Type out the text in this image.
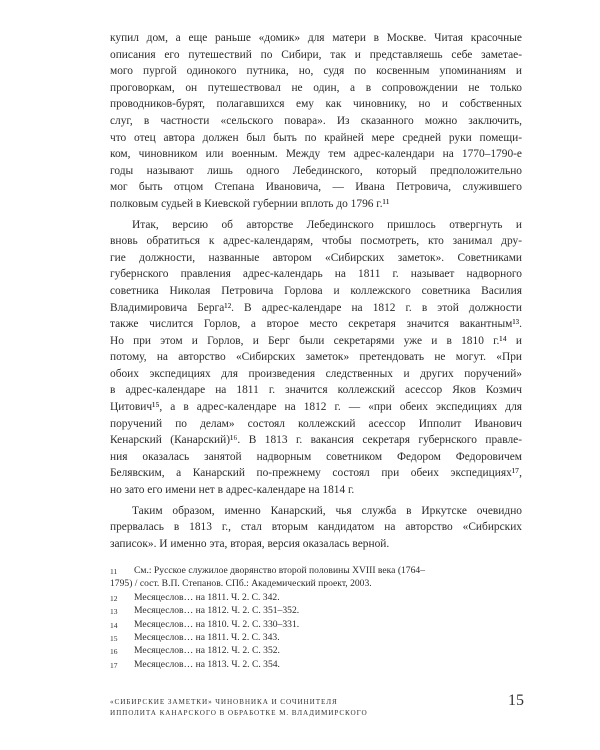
купил дом, а еще раньше «домик» для матери в Москве. Читая красочные
описания его путешествий по Сибири, так и представляешь себе заметае-
мого пургой одинокого путника, но, судя по косвенным упоминаниям и
проговоркам, он путешествовал не один, а в сопровождении не только
проводников-бурят, полагавшихся ему как чиновнику, но и собственных
слуг, в частности «сельского повара». Из сказанного можно заключить,
что отец автора должен был быть по крайней мере средней руки помещи-
ком, чиновником или военным. Между тем адрес-календари на 1770–1790-е
годы называют лишь одного Лебединского, который предположительно
мог быть отцом Степана Ивановича, — Ивана Петровича, служившего
полковым судьей в Киевской губернии вплоть до 1796 г.¹¹
Итак, версию об авторстве Лебединского пришлось отвергнуть и
вновь обратиться к адрес-календарям, чтобы посмотреть, кто занимал дру-
гие должности, названные автором «Сибирских заметок». Советниками
губернского правления адрес-календарь на 1811 г. называет надворного
советника Николая Петровича Горлова и коллежского советника Василия
Владимировича Берга¹². В адрес-календаре на 1812 г. в этой должности
также числится Горлов, а второе место секретаря значится вакантным¹³.
Но при этом и Горлов, и Берг были секретарями уже и в 1810 г.¹⁴ и
потому, на авторство «Сибирских заметок» претендовать не могут. «При
обоих экспедициях для произведения следственных и других поручений»
в адрес-календаре на 1811 г. значится коллежский асессор Яков Козмич
Цитович¹⁵, а в адрес-календаре на 1812 г. — «при обеих экспедициях для
поручений по делам» состоял коллежский асессор Ипполит Иванович
Кенарский (Канарский)¹⁶. В 1813 г. вакансия секретаря губернского правле-
ния оказалась занятой надворным советником Федором Федоровичем
Белявским, а Канарский по-прежнему состоял при обеих экспедициях¹⁷,
но зато его имени нет в адрес-календаре на 1814 г.
Таким образом, именно Канарский, чья служба в Иркутске очевидно
прервалась в 1813 г., стал вторым кандидатом на авторство «Сибирских
записок». И именно эта, вторая, версия оказалась верной.
11	См.: Русское служилое дворянство второй половины XVIII века (1764–
1795) / сост. В.П. Степанов. СПб.: Академический проект, 2003.
12	Месяцеслов… на 1811. Ч. 2. С. 342.
13	Месяцеслов… на 1812. Ч. 2. С. 351–352.
14	Месяцеслов… на 1810. Ч. 2. С. 330–331.
15	Месяцеслов… на 1811. Ч. 2. С. 343.
16	Месяцеслов… на 1812. Ч. 2. С. 352.
17	Месяцеслов… на 1813. Ч. 2. С. 354.
«СИБИРСКИЕ ЗАМЕТКИ» ЧИНОВНИКА И СОЧИНИТЕЛЯ
ИППОЛИТА КАНАРСКОГО В ОБРАБОТКЕ М. ВЛАДИМИРСКОГО
15
